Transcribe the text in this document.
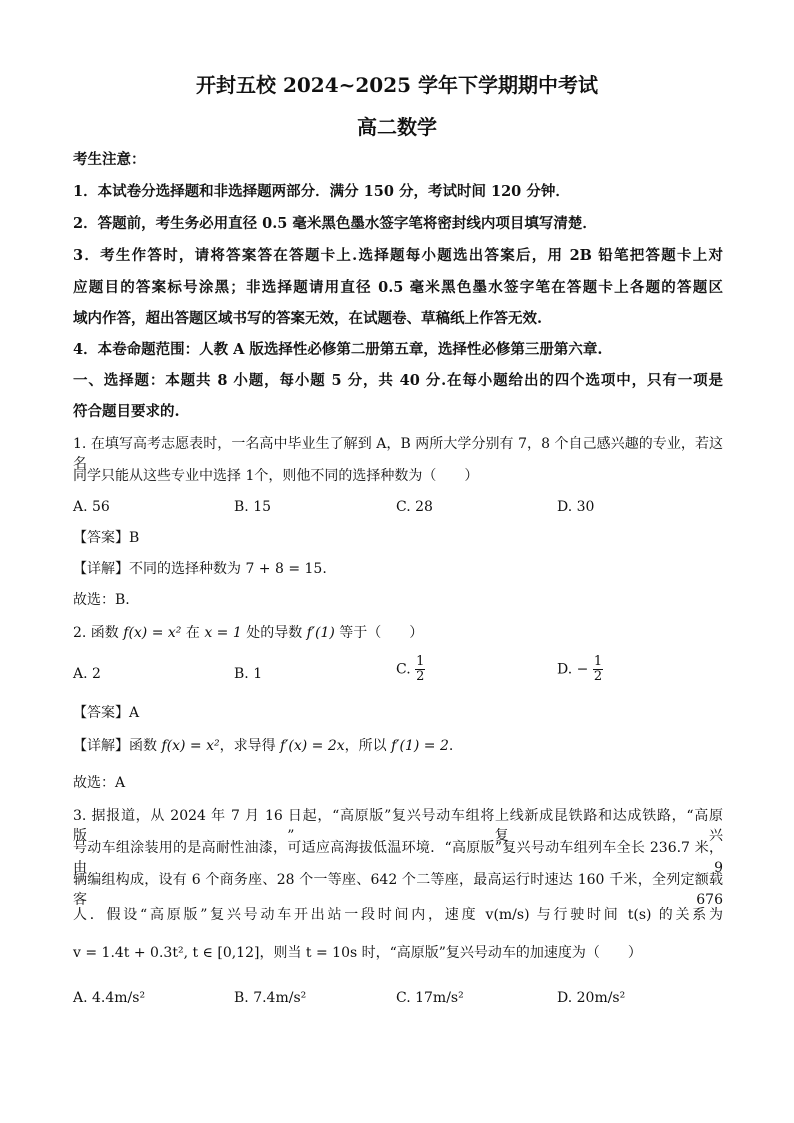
开封五校 2024~2025 学年下学期期中考试
高二数学
考生注意：
1．本试卷分选择题和非选择题两部分．满分 150 分，考试时间 120 分钟．
2．答题前，考生务必用直径 0.5 毫米黑色墨水签字笔将密封线内项目填写清楚．
3．考生作答时，请将答案答在答题卡上.选择题每小题选出答案后，用 2B 铅笔把答题卡上对
应题目的答案标号涂黑；非选择题请用直径 0.5 毫米黑色墨水签字笔在答题卡上各题的答题区
域内作答，超出答题区域书写的答案无效，在试题卷、草稿纸上作答无效.
4．本卷命题范围：人教 A 版选择性必修第二册第五章，选择性必修第三册第六章.
一、选择题：本题共 8 小题，每小题 5 分，共 40 分.在每小题给出的四个选项中，只有一项是
符合题目要求的.
1. 在填写高考志愿表时，一名高中毕业生了解到 A，B 两所大学分别有 7，8 个自己感兴趣的专业，若这名
同学只能从这些专业中选择 1个，则他不同的选择种数为（　　）
A. 56	B. 15	C. 28	D. 30
【答案】B
【详解】不同的选择种数为 7 + 8 = 15.
故选：B.
2. 函数 f(x) = x² 在 x = 1 处的导数 f′(1) 等于（　　）
A. 2	B. 1	C. $\frac{1}{2}$	D. − $\frac{1}{2}$
【答案】A
【详解】函数 f(x) = x²，求导得 f′(x) = 2x，所以 f′(1) = 2.
故选：A
3. 据报道，从 2024 年 7 月 16 日起，“高原版”复兴号动车组将上线新成昆铁路和达成铁路，“高原版”复兴
号动车组涂装用的是高耐性油漆，可适应高海拔低温环境．“高原版”复兴号动车组列车全长 236.7 米，由 9
辆编组构成，设有 6 个商务座、28 个一等座、642 个二等座，最高运行时速达 160 千米，全列定额载客 676
人．假设“高原版”复兴号动车开出站一段时间内，速度 v(m/s) 与行驶时间 t(s) 的关系为
v = 1.4t + 0.3t², t ∈ [0,12]，则当 t = 10s 时，“高原版”复兴号动车的加速度为（　　）
A. 4.4m/s²	B. 7.4m/s²	C. 17m/s²	D. 20m/s²
